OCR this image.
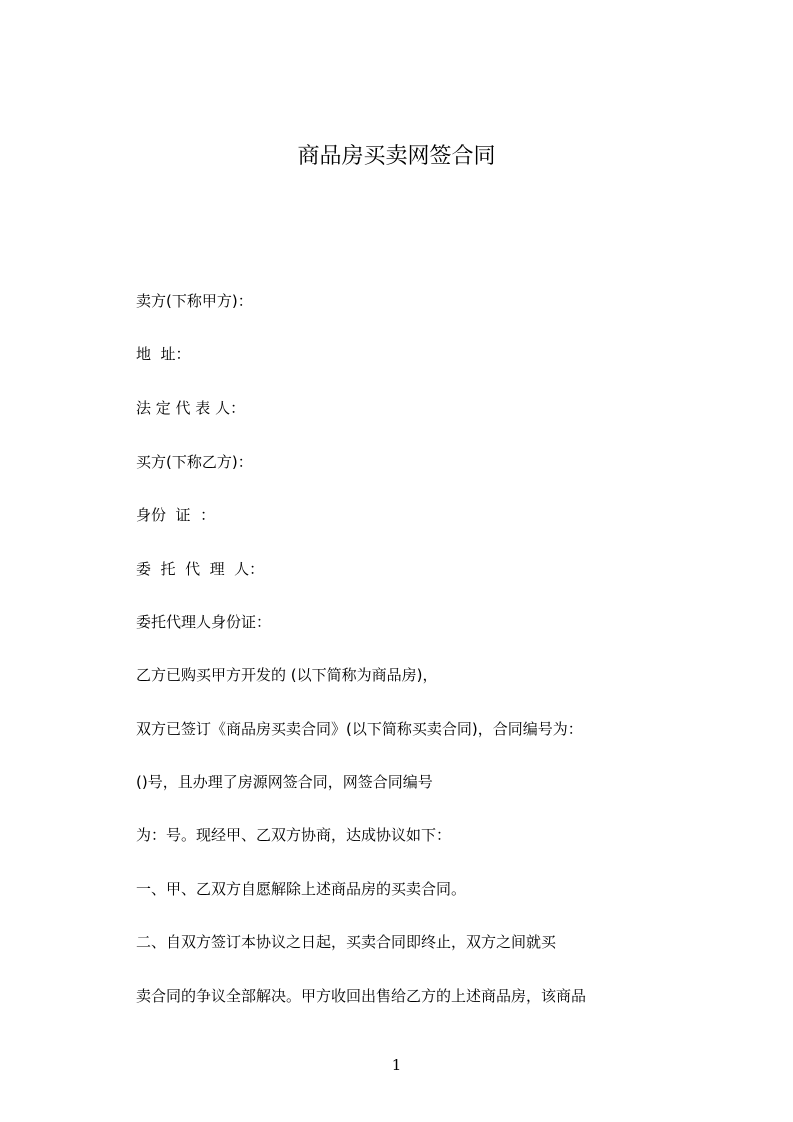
商品房买卖网签合同
卖方(下称甲方)：
地  址：
法 定 代 表 人：
买方(下称乙方)：
身份  证  ：
委  托  代  理  人：
委托代理人身份证：
乙方已购买甲方开发的 (以下简称为商品房)，
双方已签订《商品房买卖合同》(以下简称买卖合同)，合同编号为：
()号，且办理了房源网签合同，网签合同编号
为：号。现经甲、乙双方协商，达成协议如下：
一、甲、乙双方自愿解除上述商品房的买卖合同。
二、自双方签订本协议之日起，买卖合同即终止，双方之间就买
卖合同的争议全部解决。甲方收回出售给乙方的上述商品房，该商品
1
